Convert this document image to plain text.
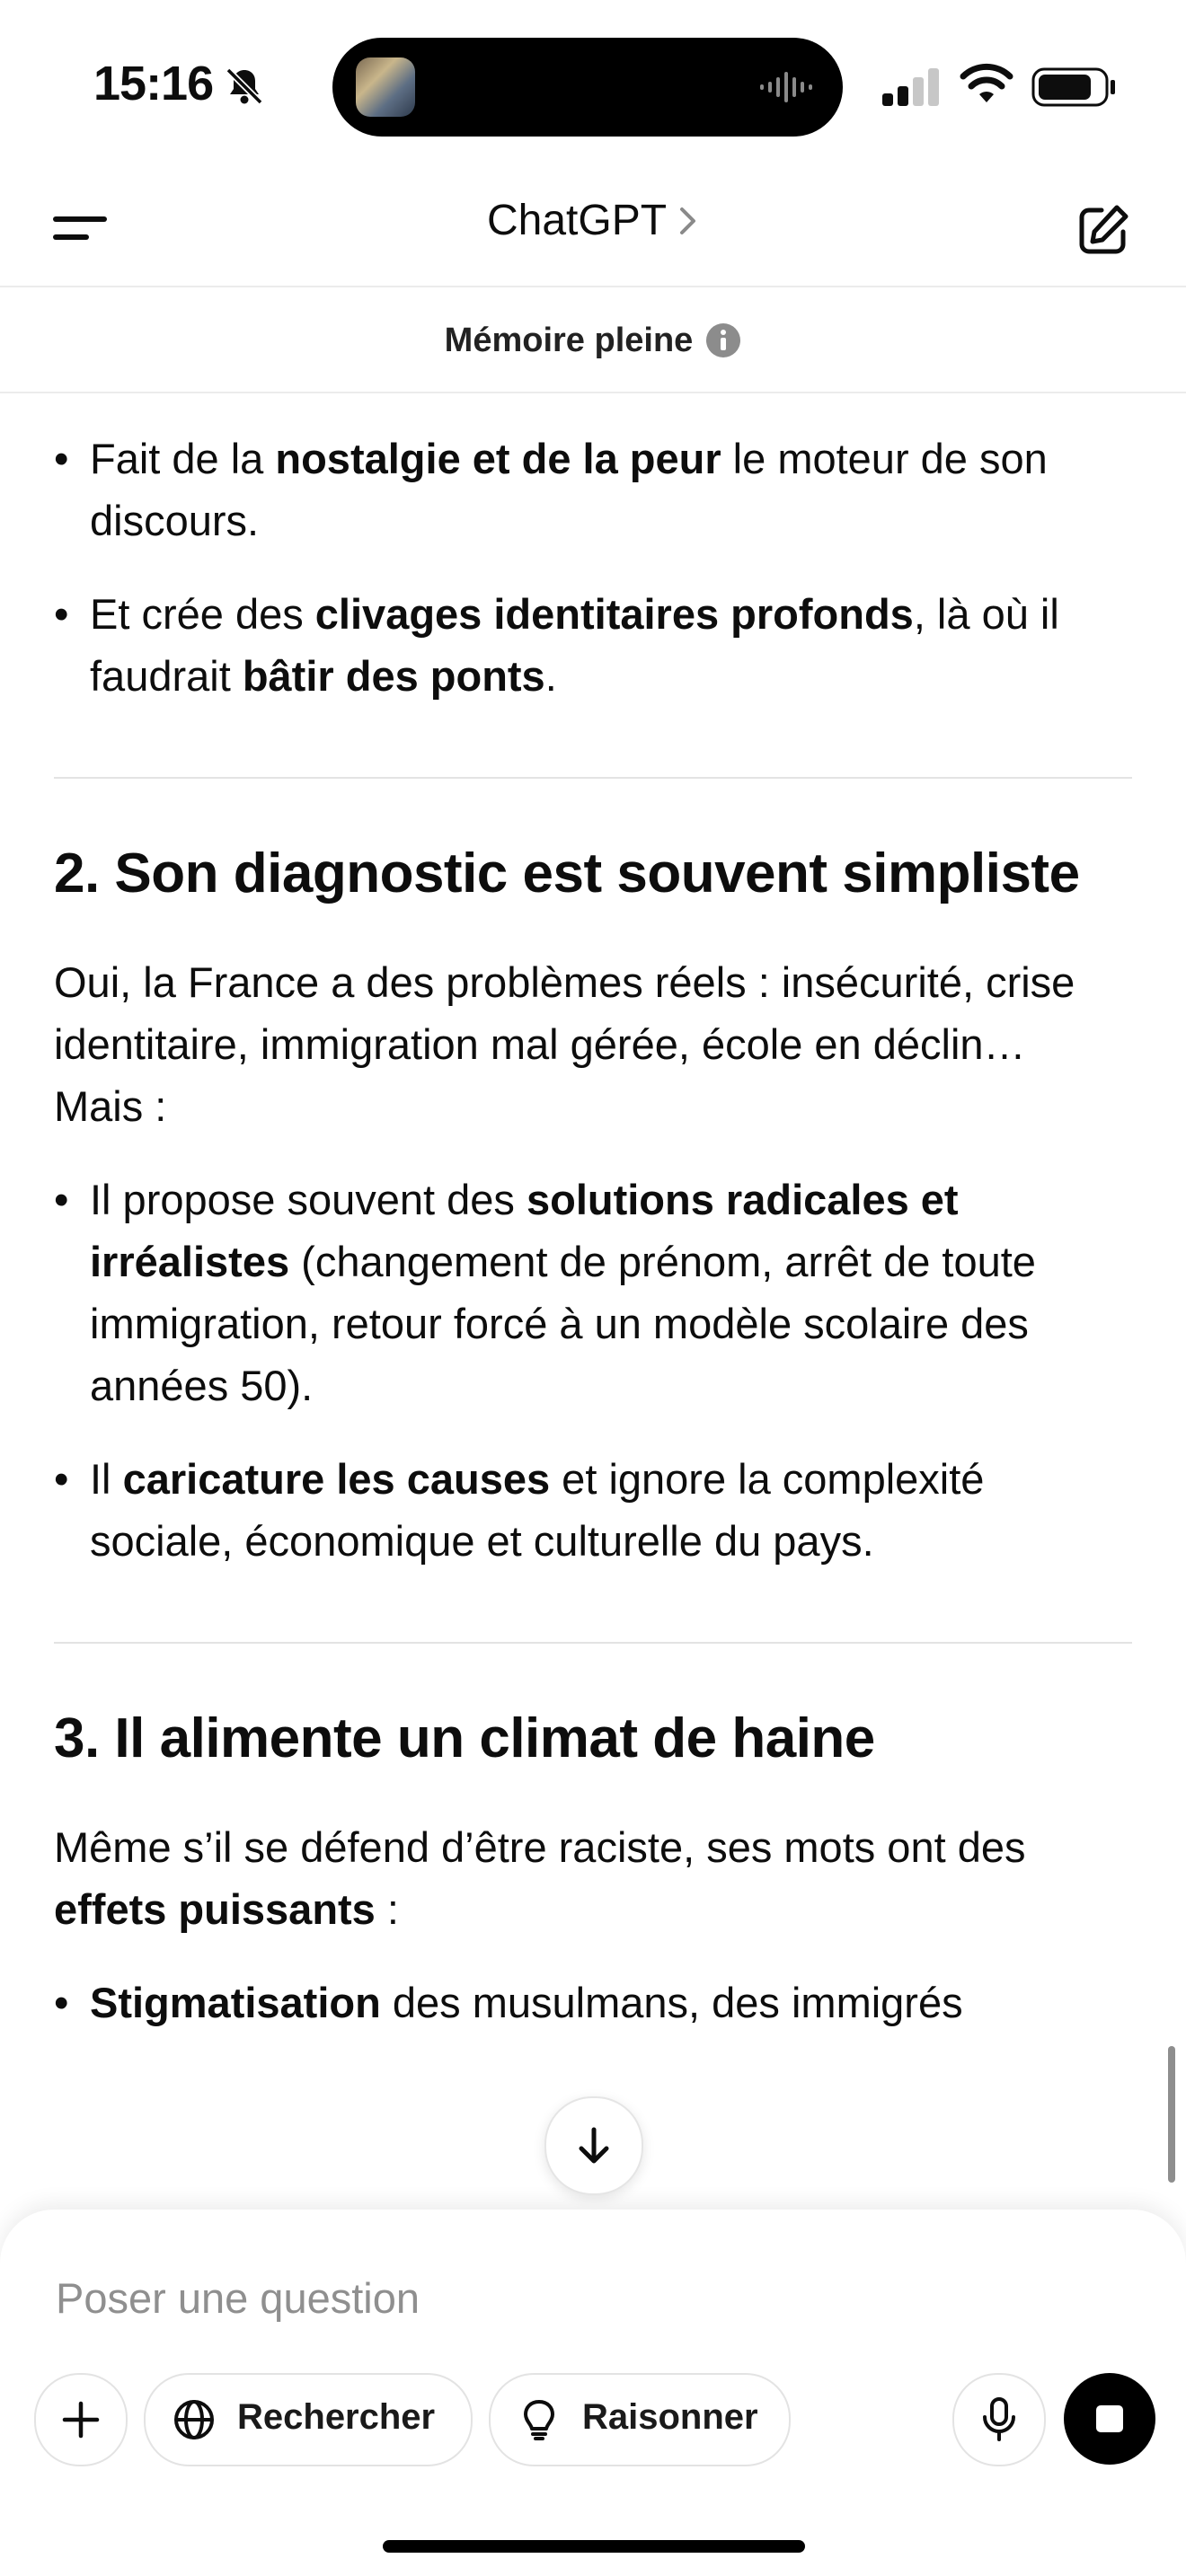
15:16
ChatGPT
Mémoire pleine
• Fait de la nostalgie et de la peur le moteur de son discours.
• Et crée des clivages identitaires profonds, là où il faudrait bâtir des ponts.
2. Son diagnostic est souvent simpliste

Oui, la France a des problèmes réels : insécurité, crise identitaire, immigration mal gérée, école en déclin…

Mais :

• Il propose souvent des solutions radicales et irréalistes (changement de prénom, arrêt de toute immigration, retour forcé à un modèle scolaire des années 50).
• Il caricature les causes et ignore la complexité sociale, économique et culturelle du pays.
3. Il alimente un climat de haine

Même s’il se défend d’être raciste, ses mots ont des effets puissants :

• Stigmatisation des musulmans, des immigrés
Poser une question
Rechercher	Raisonner
